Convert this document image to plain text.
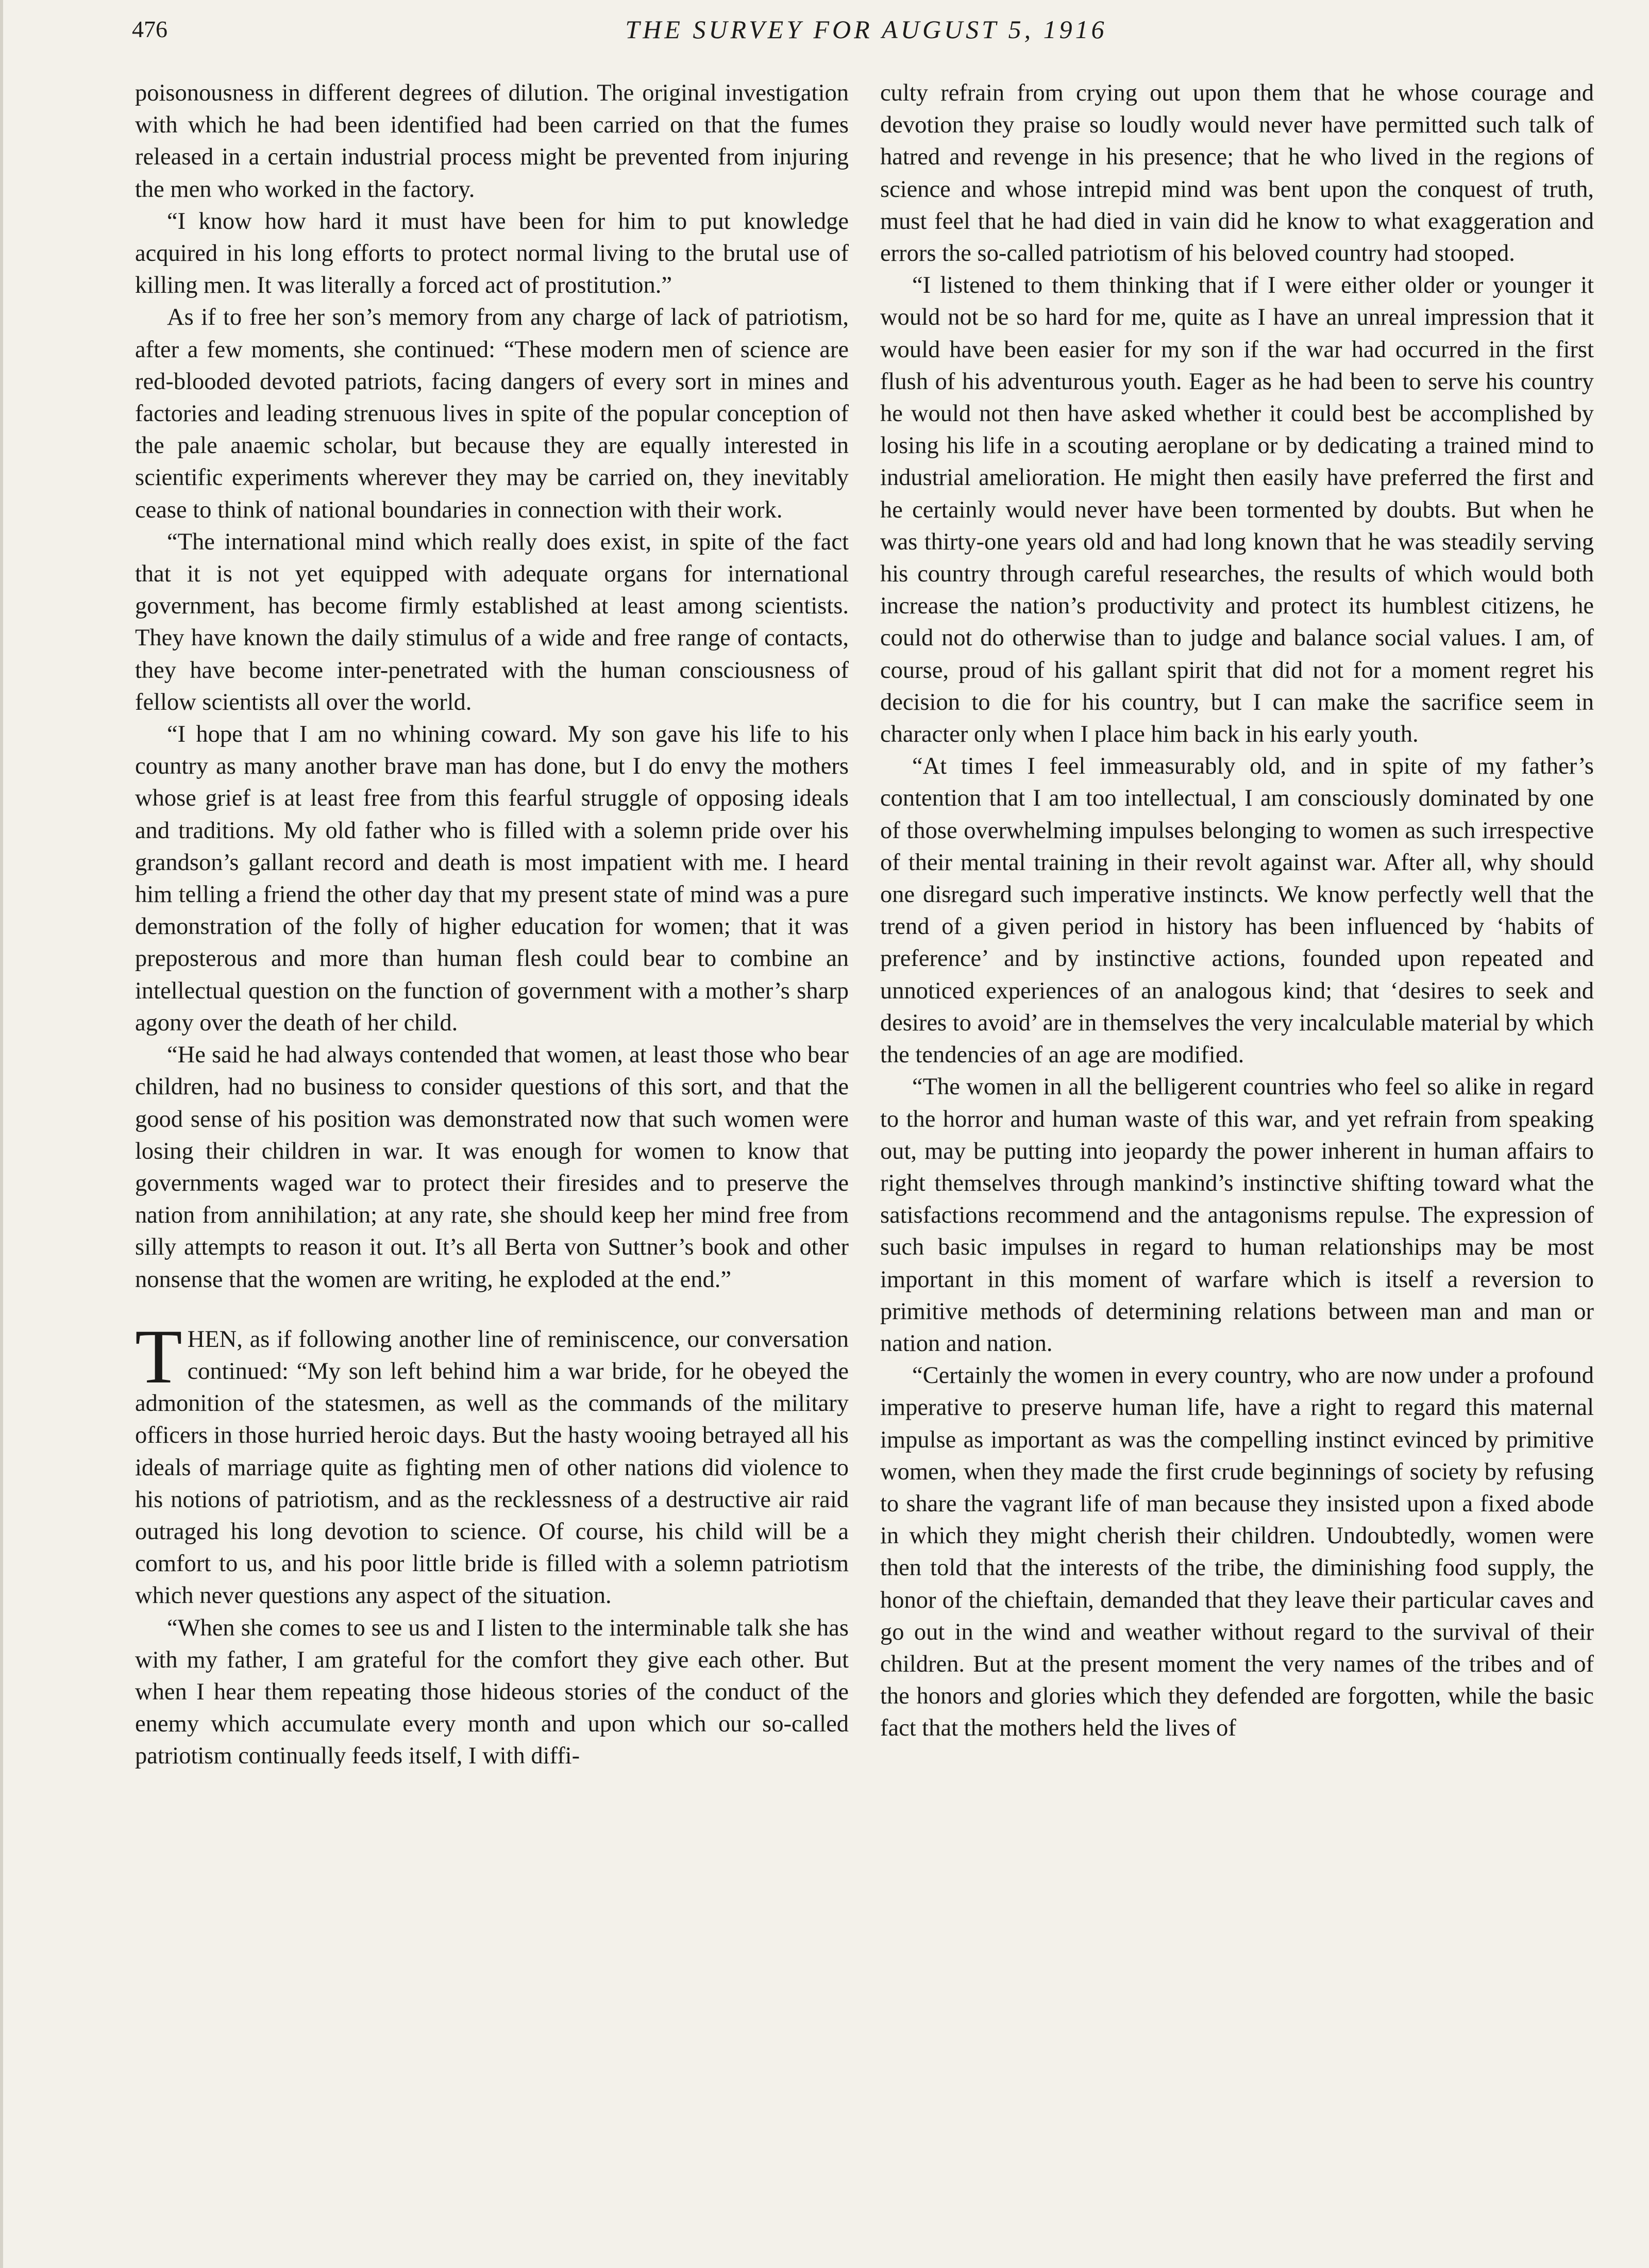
476	THE SURVEY FOR AUGUST 5, 1916

poisonousness in different degrees of dilution. The original investigation with which he had been identified had been carried on that the fumes released in a certain industrial process might be prevented from injuring the men who worked in the factory.

“I know how hard it must have been for him to put knowledge acquired in his long efforts to protect normal living to the brutal use of killing men. It was literally a forced act of prostitution.”

As if to free her son’s memory from any charge of lack of patriotism, after a few moments, she continued: “These modern men of science are red-blooded devoted patriots, facing dangers of every sort in mines and factories and leading strenuous lives in spite of the popular conception of the pale anaemic scholar, but because they are equally interested in scientific experiments wherever they may be carried on, they inevitably cease to think of national boundaries in connection with their work.

“The international mind which really does exist, in spite of the fact that it is not yet equipped with adequate organs for international government, has become firmly established at least among scientists. They have known the daily stimulus of a wide and free range of contacts, they have become inter-penetrated with the human consciousness of fellow scientists all over the world.

“I hope that I am no whining coward. My son gave his life to his country as many another brave man has done, but I do envy the mothers whose grief is at least free from this fearful struggle of opposing ideals and traditions. My old father who is filled with a solemn pride over his grandson’s gallant record and death is most impatient with me. I heard him telling a friend the other day that my present state of mind was a pure demonstration of the folly of higher education for women; that it was preposterous and more than human flesh could bear to combine an intellectual question on the function of government with a mother’s sharp agony over the death of her child.

“He said he had always contended that women, at least those who bear children, had no business to consider questions of this sort, and that the good sense of his position was demonstrated now that such women were losing their children in war. It was enough for women to know that governments waged war to protect their firesides and to preserve the nation from annihilation; at any rate, she should keep her mind free from silly attempts to reason it out. It’s all Berta von Suttner’s book and other nonsense that the women are writing, he exploded at the end.”

THEN, as if following another line of reminiscence, our conversation continued: “My son left behind him a war bride, for he obeyed the admonition of the statesmen, as well as the commands of the military officers in those hurried heroic days. But the hasty wooing betrayed all his ideals of marriage quite as fighting men of other nations did violence to his notions of patriotism, and as the recklessness of a destructive air raid outraged his long devotion to science. Of course, his child will be a comfort to us, and his poor little bride is filled with a solemn patriotism which never questions any aspect of the situation.

“When she comes to see us and I listen to the interminable talk she has with my father, I am grateful for the comfort they give each other. But when I hear them repeating those hideous stories of the conduct of the enemy which accumulate every month and upon which our so-called patriotism continually feeds itself, I with diffi-

culty refrain from crying out upon them that he whose courage and devotion they praise so loudly would never have permitted such talk of hatred and revenge in his presence; that he who lived in the regions of science and whose intrepid mind was bent upon the conquest of truth, must feel that he had died in vain did he know to what exaggeration and errors the so-called patriotism of his beloved country had stooped.

“I listened to them thinking that if I were either older or younger it would not be so hard for me, quite as I have an unreal impression that it would have been easier for my son if the war had occurred in the first flush of his adventurous youth. Eager as he had been to serve his country he would not then have asked whether it could best be accomplished by losing his life in a scouting aeroplane or by dedicating a trained mind to industrial amelioration. He might then easily have preferred the first and he certainly would never have been tormented by doubts. But when he was thirty-one years old and had long known that he was steadily serving his country through careful researches, the results of which would both increase the nation’s productivity and protect its humblest citizens, he could not do otherwise than to judge and balance social values. I am, of course, proud of his gallant spirit that did not for a moment regret his decision to die for his country, but I can make the sacrifice seem in character only when I place him back in his early youth.

“At times I feel immeasurably old, and in spite of my father’s contention that I am too intellectual, I am consciously dominated by one of those overwhelming impulses belonging to women as such irrespective of their mental training in their revolt against war. After all, why should one disregard such imperative instincts. We know perfectly well that the trend of a given period in history has been influenced by ‘habits of preference’ and by instinctive actions, founded upon repeated and unnoticed experiences of an analogous kind; that ‘desires to seek and desires to avoid’ are in themselves the very incalculable material by which the tendencies of an age are modified.

“The women in all the belligerent countries who feel so alike in regard to the horror and human waste of this war, and yet refrain from speaking out, may be putting into jeopardy the power inherent in human affairs to right themselves through mankind’s instinctive shifting toward what the satisfactions recommend and the antagonisms repulse. The expression of such basic impulses in regard to human relationships may be most important in this moment of warfare which is itself a reversion to primitive methods of determining relations between man and man or nation and nation.

“Certainly the women in every country, who are now under a profound imperative to preserve human life, have a right to regard this maternal impulse as important as was the compelling instinct evinced by primitive women, when they made the first crude beginnings of society by refusing to share the vagrant life of man because they insisted upon a fixed abode in which they might cherish their children. Undoubtedly, women were then told that the interests of the tribe, the diminishing food supply, the honor of the chieftain, demanded that they leave their particular caves and go out in the wind and weather without regard to the survival of their children. But at the present moment the very names of the tribes and of the honors and glories which they defended are forgotten, while the basic fact that the mothers held the lives of
